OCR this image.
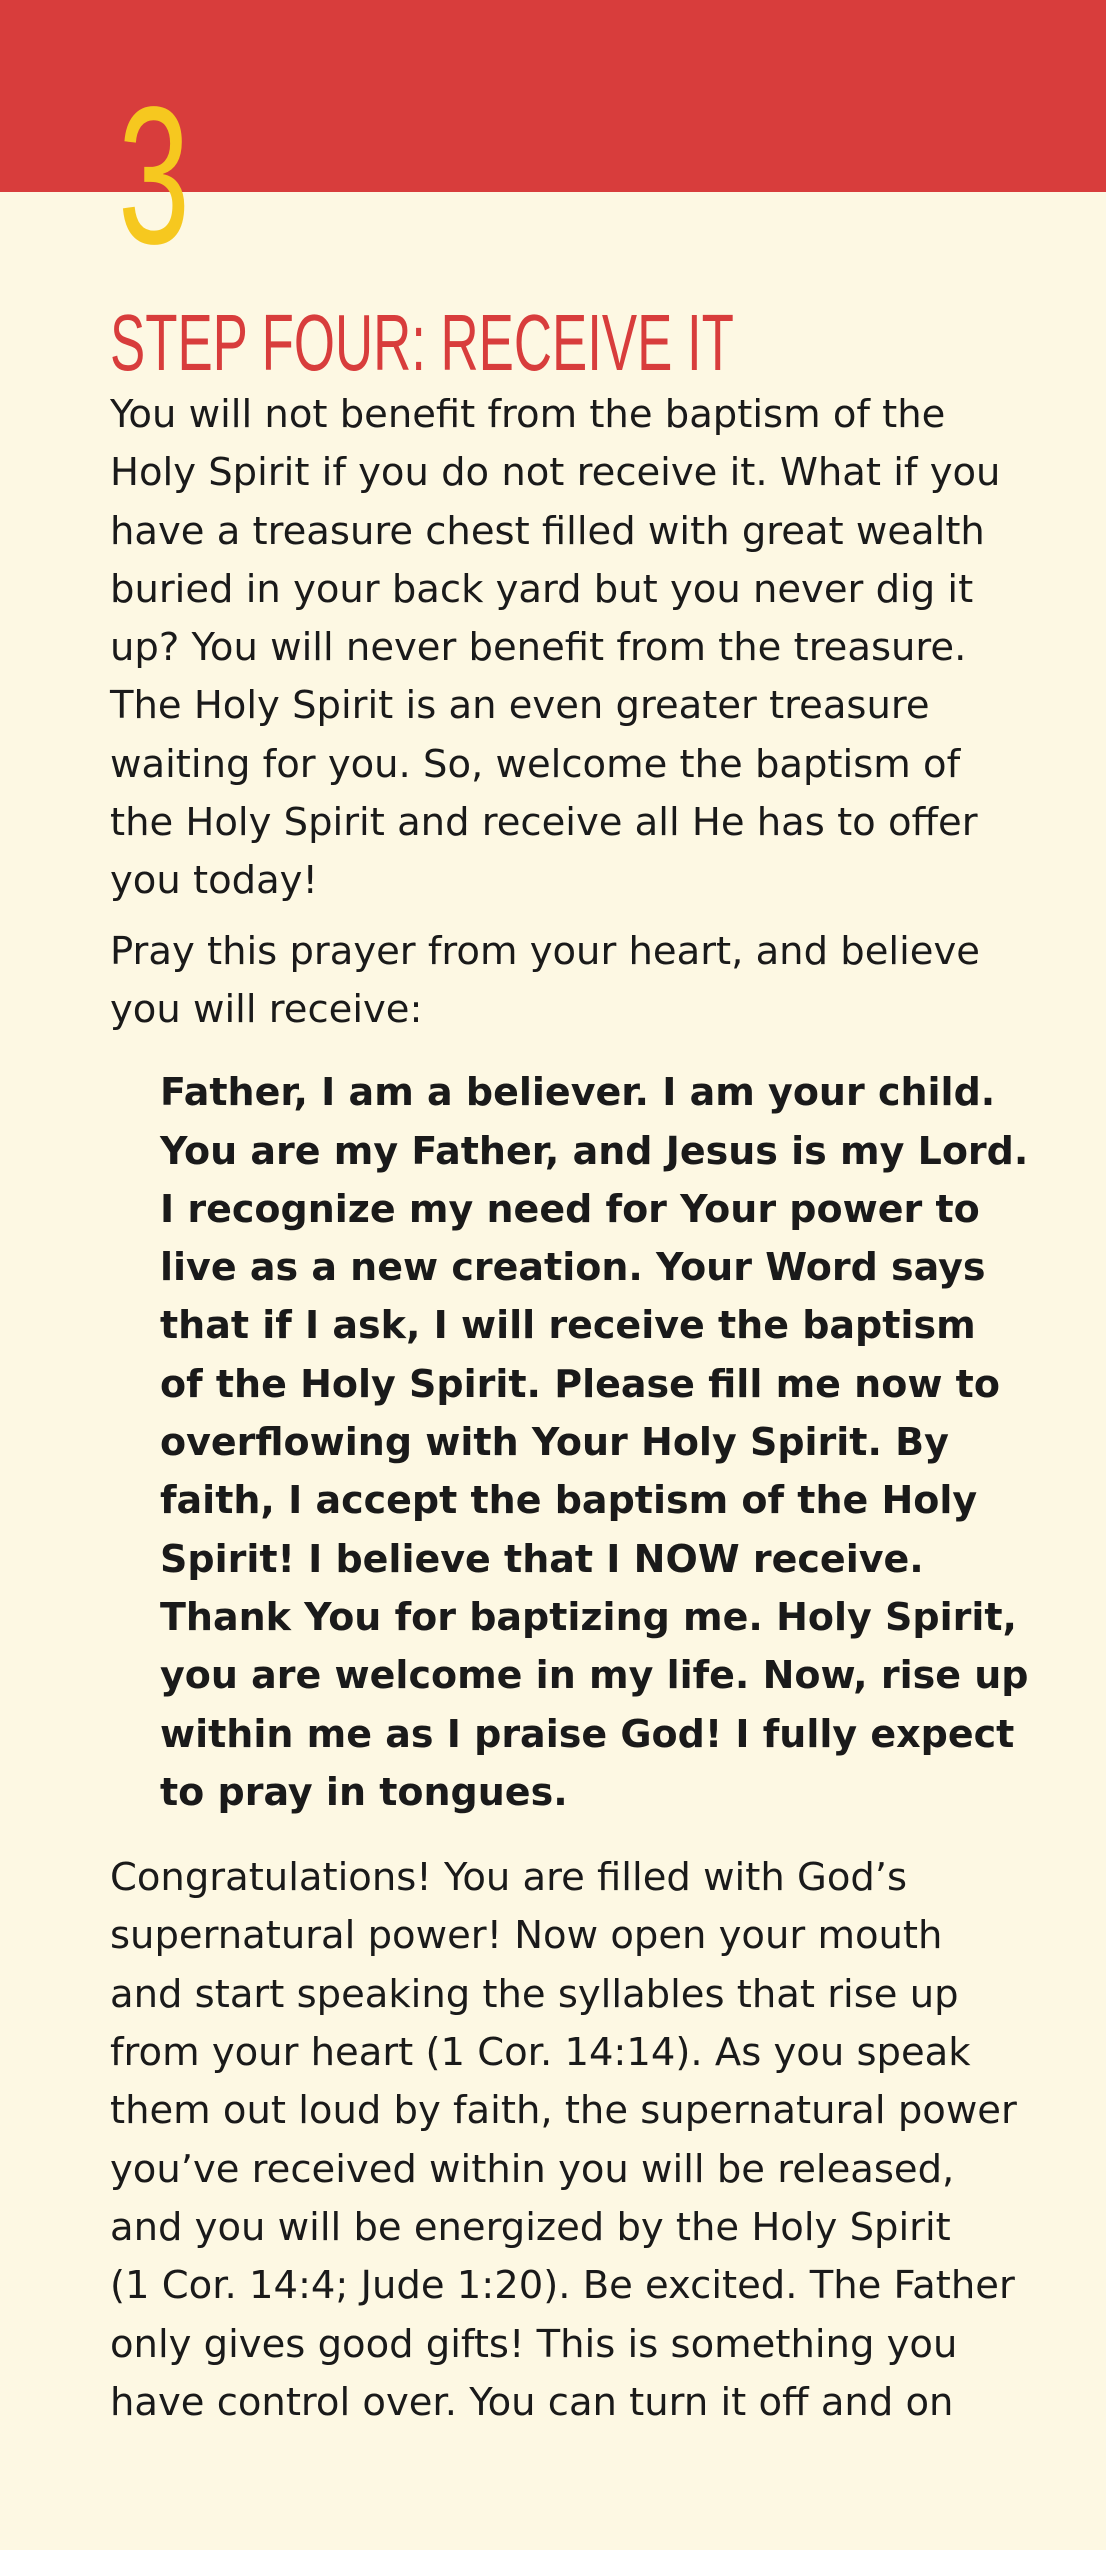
3
STEP FOUR: RECEIVE IT

You will not benefit from the baptism of the
Holy Spirit if you do not receive it. What if you
have a treasure chest filled with great wealth
buried in your back yard but you never dig it
up? You will never benefit from the treasure.
The Holy Spirit is an even greater treasure
waiting for you. So, welcome the baptism of
the Holy Spirit and receive all He has to offer
you today!

Pray this prayer from your heart, and believe
you will receive:

Father, I am a believer. I am your child.
You are my Father, and Jesus is my Lord.
I recognize my need for Your power to
live as a new creation. Your Word says
that if I ask, I will receive the baptism
of the Holy Spirit. Please fill me now to
overflowing with Your Holy Spirit. By
faith, I accept the baptism of the Holy
Spirit! I believe that I NOW receive.
Thank You for baptizing me. Holy Spirit,
you are welcome in my life. Now, rise up
within me as I praise God! I fully expect
to pray in tongues.

Congratulations! You are filled with God’s
supernatural power! Now open your mouth
and start speaking the syllables that rise up
from your heart (1 Cor. 14:14). As you speak
them out loud by faith, the supernatural power
you’ve received within you will be released,
and you will be energized by the Holy Spirit
(1 Cor. 14:4; Jude 1:20). Be excited. The Father
only gives good gifts! This is something you
have control over. You can turn it off and on
